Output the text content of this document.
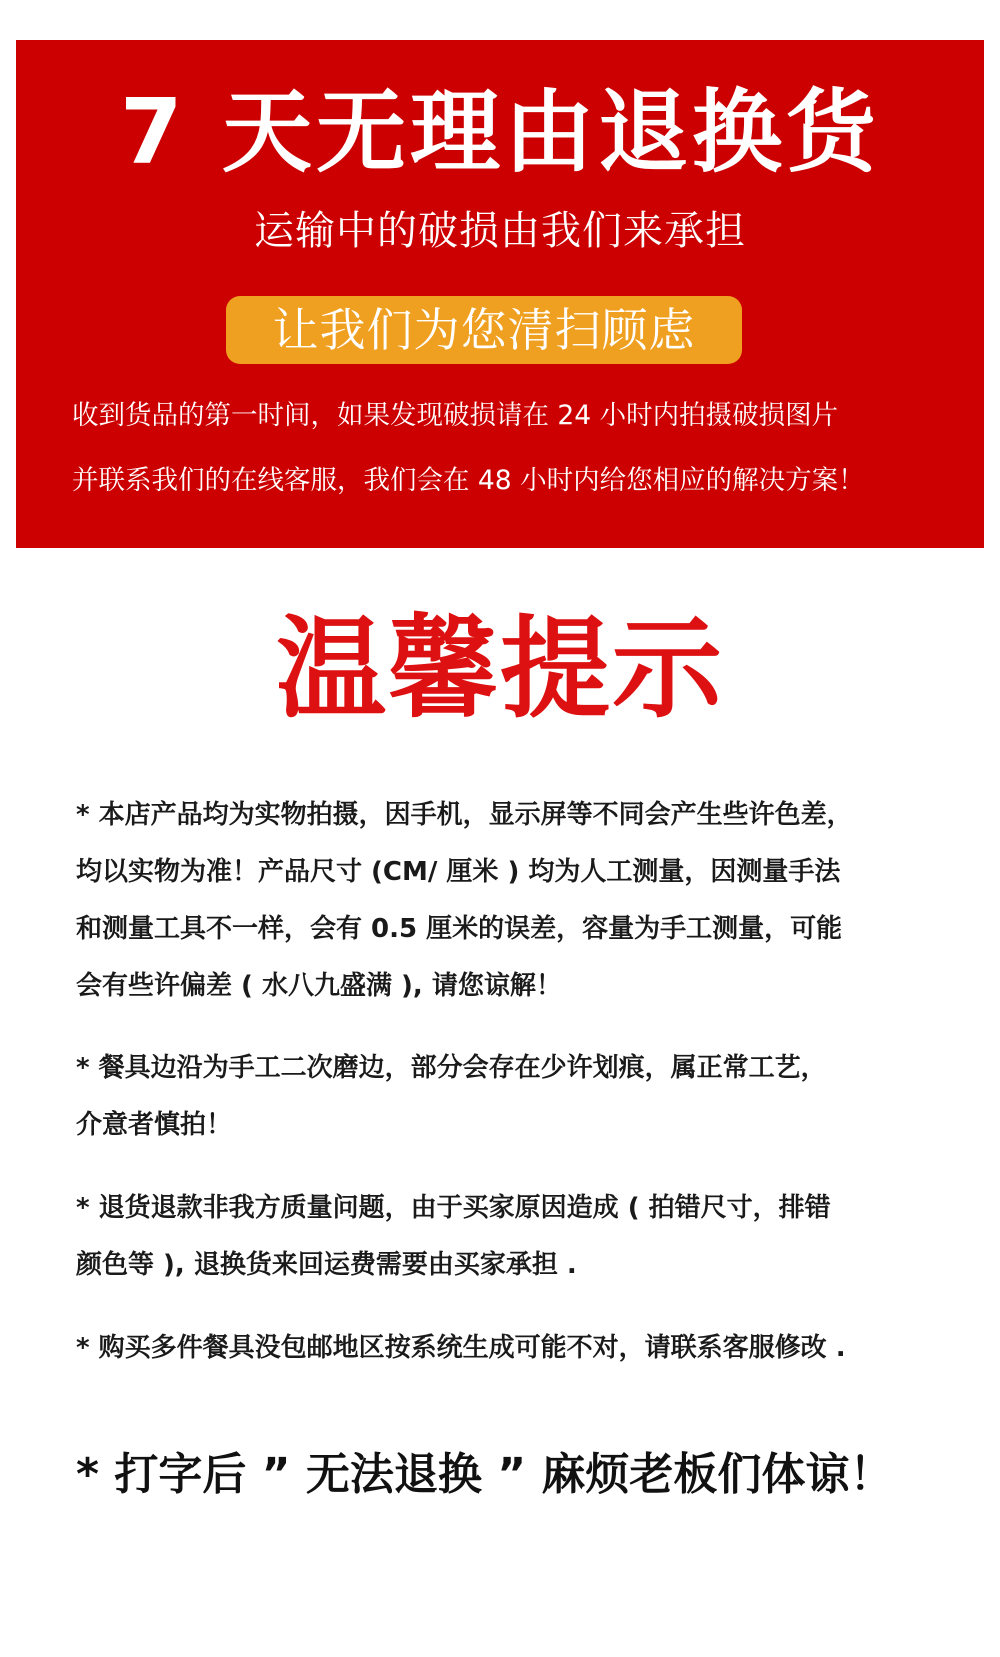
7 天无理由退换货
运输中的破损由我们来承担
让我们为您清扫顾虑
收到货品的第一时间，如果发现破损请在 24 小时内拍摄破损图片
并联系我们的在线客服，我们会在 48 小时内给您相应的解决方案！
温馨提示
* 本店产品均为实物拍摄，因手机，显示屏等不同会产生些许色差，
均以实物为准！产品尺寸 (CM/ 厘米 ) 均为人工测量，因测量手法
和测量工具不一样，会有 0.5 厘米的误差，容量为手工测量，可能
会有些许偏差 ( 水八九盛满 ), 请您谅解！
* 餐具边沿为手工二次磨边，部分会存在少许划痕，属正常工艺，
介意者慎拍！
* 退货退款非我方质量问题，由于买家原因造成 ( 拍错尺寸，排错
颜色等 ), 退换货来回运费需要由买家承担 .
* 购买多件餐具没包邮地区按系统生成可能不对，请联系客服修改 .
* 打字后 ” 无法退换 ” 麻烦老板们体谅！
